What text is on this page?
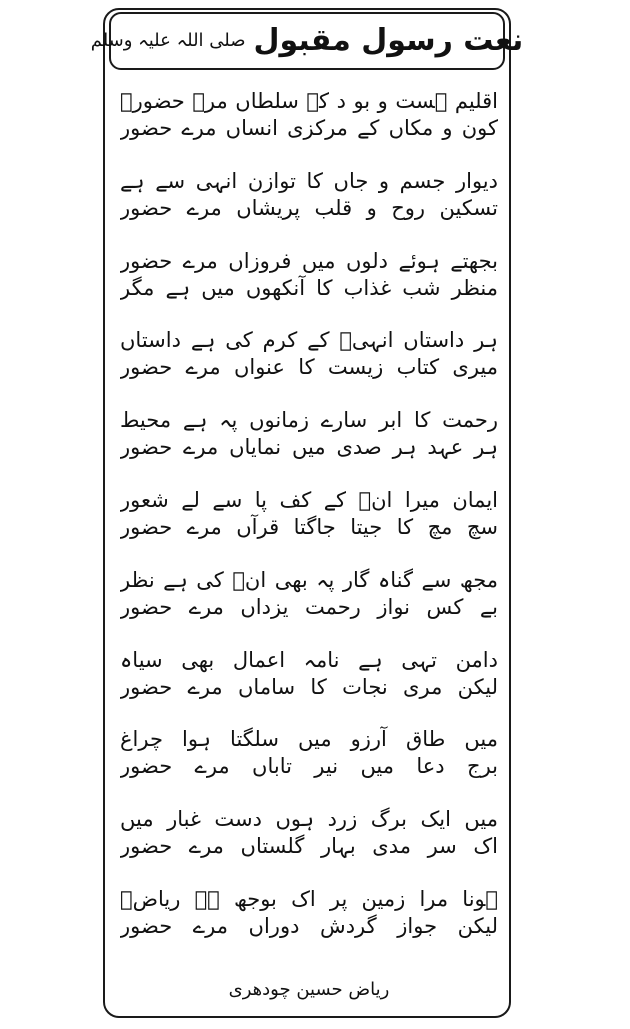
نعت رسول مقبول
صلی اللہ علیہ وسلم
اقلیم ہست و بو د کے سلطاں مرے حضورؐ
کون و مکاں کے مرکزی انساں مرے حضور
دیوار جسم و جاں کا توازن انہی سے ہے
تسکین روح و قلب پریشاں مرے حضور
بجھتے ہوئے دلوں میں فروزاں مرے حضور
منظر شب غذاب کا آنکھوں میں ہے مگر
ہر داستاں انہیؐ کے کرم کی ہے داستاں
میری کتاب زیست کا عنواں مرے حضور
رحمت کا ابر سارے زمانوں پہ ہے محیط
ہر عہد ہر صدی میں نمایاں مرے حضور
ایمان میرا انؐ کے کف پا سے لے شعور
سچ مچ کا جیتا جاگتا قرآں مرے حضور
مجھ سے گناہ گار پہ بھی انؐ کی ہے نظر
بے کس نواز رحمت یزداں مرے حضور
دامن تہی ہے نامہ اعمال بھی سیاہ
لیکن مری نجات کا ساماں مرے حضور
میں طاق آرزو میں سلگتا ہوا چراغ
برج دعا میں نیر تاباں مرے حضور
میں ایک برگ زرد ہوں دست غبار میں
اک سر مدی بہار گلستاں مرے حضور
ہونا مرا زمین پر اک بوجھ ہے ریاضؔ
لیکن جواز گردش دوراں مرے حضور
ریاض حسین چودھری
